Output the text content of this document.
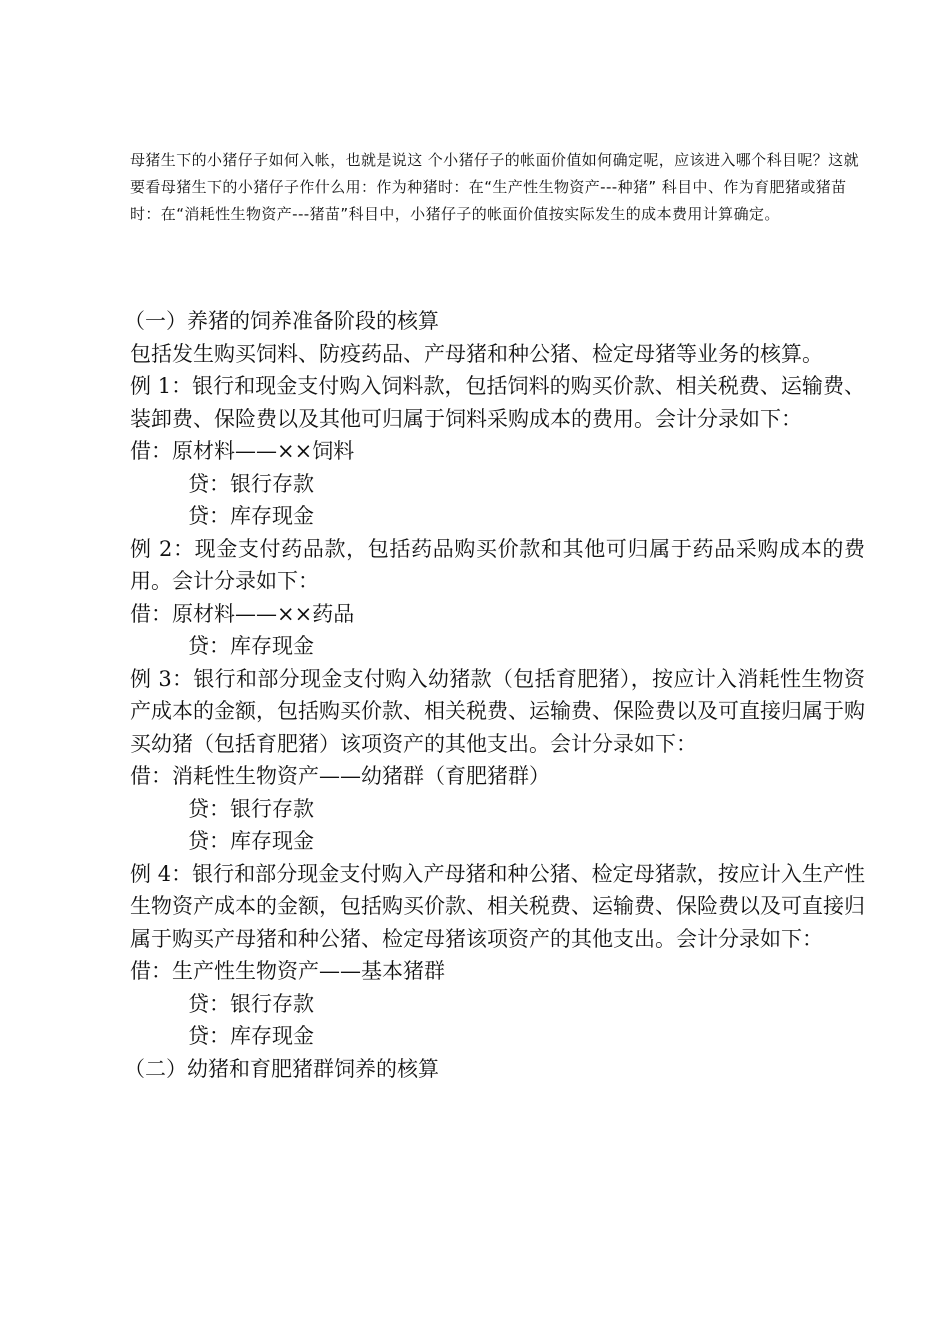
母猪生下的小猪仔子如何入帐，也就是说这 个小猪仔子的帐面价值如何确定呢，应该进入哪个科目呢？这就要看母猪生下的小猪仔子作什么用：作为种猪时：在“生产性生物资产---种猪” 科目中、作为育肥猪或猪苗时：在“消耗性生物资产---猪苗”科目中，小猪仔子的帐面价值按实际发生的成本费用计算确定。

（一）养猪的饲养准备阶段的核算

包括发生购买饲料、防疫药品、产母猪和种公猪、检定母猪等业务的核算。

例 1：银行和现金支付购入饲料款，包括饲料的购买价款、相关税费、运输费、装卸费、保险费以及其他可归属于饲料采购成本的费用。会计分录如下：

借：原材料——××饲料

贷：银行存款

贷：库存现金

例 2：现金支付药品款，包括药品购买价款和其他可归属于药品采购成本的费用。会计分录如下：

借：原材料——××药品

贷：库存现金

例 3：银行和部分现金支付购入幼猪款（包括育肥猪），按应计入消耗性生物资产成本的金额，包括购买价款、相关税费、运输费、保险费以及可直接归属于购买幼猪（包括育肥猪）该项资产的其他支出。会计分录如下：

借：消耗性生物资产——幼猪群（育肥猪群）

贷：银行存款

贷：库存现金

例 4：银行和部分现金支付购入产母猪和种公猪、检定母猪款，按应计入生产性生物资产成本的金额，包括购买价款、相关税费、运输费、保险费以及可直接归属于购买产母猪和种公猪、检定母猪该项资产的其他支出。会计分录如下：

借：生产性生物资产——基本猪群

贷：银行存款

贷：库存现金

（二）幼猪和育肥猪群饲养的核算
